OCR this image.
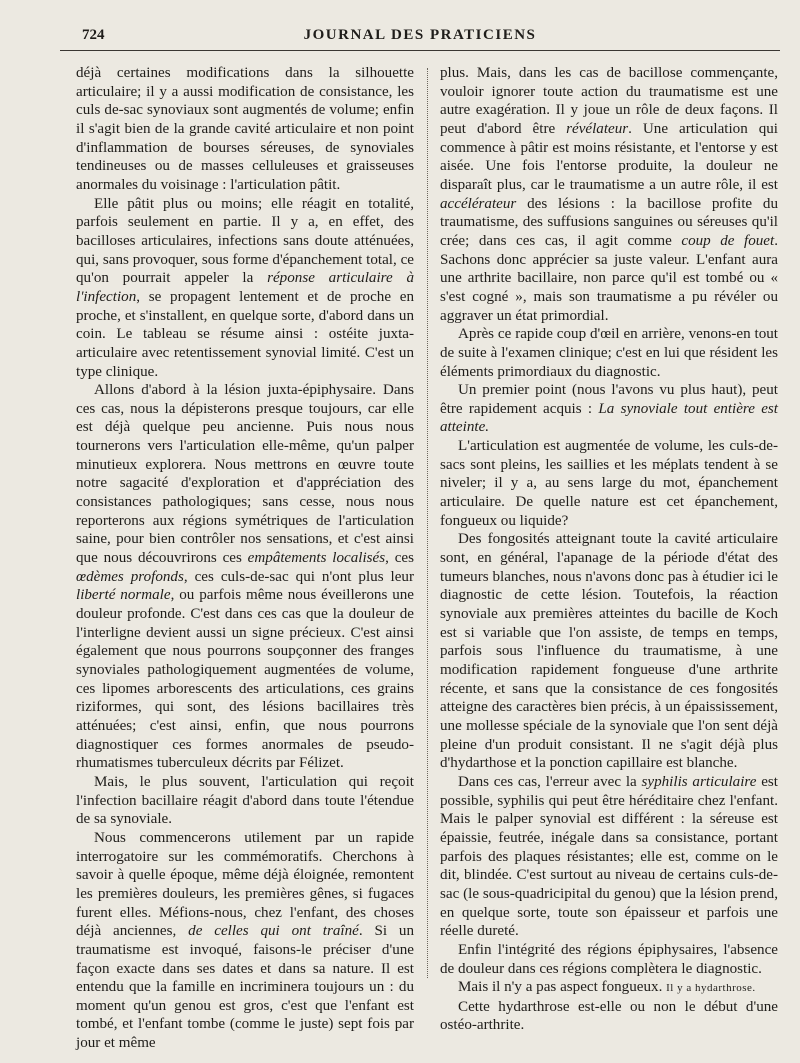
724	JOURNAL DES PRATICIENS

déjà certaines modifications dans la silhouette articulaire; il y a aussi modification de consistance, les culs de-sac synoviaux sont augmentés de volume; enfin il s'agit bien de la grande cavité articulaire et non point d'inflammation de bourses séreuses, de synoviales tendineuses ou de masses celluleuses et graisseuses anormales du voisinage : l'articulation pâtit.

Elle pâtit plus ou moins; elle réagit en totalité, parfois seulement en partie. Il y a, en effet, des bacilloses articulaires, infections sans doute atténuées, qui, sans provoquer, sous forme d'épanchement total, ce qu'on pourrait appeler la réponse articulaire à l'infection, se propagent lentement et de proche en proche, et s'installent, en quelque sorte, d'abord dans un coin. Le tableau se résume ainsi : ostéite juxta-articulaire avec retentissement synovial limité. C'est un type clinique.

Allons d'abord à la lésion juxta-épiphysaire. Dans ces cas, nous la dépisterons presque toujours, car elle est déjà quelque peu ancienne. Puis nous nous tournerons vers l'articulation elle-même, qu'un palper minutieux explorera. Nous mettrons en œuvre toute notre sagacité d'exploration et d'appréciation des consistances pathologiques; sans cesse, nous nous reporterons aux régions symétriques de l'articulation saine, pour bien contrôler nos sensations, et c'est ainsi que nous découvrirons ces empâtements localisés, ces œdèmes profonds, ces culs-de-sac qui n'ont plus leur liberté normale, ou parfois même nous éveillerons une douleur profonde. C'est dans ces cas que la douleur de l'interligne devient aussi un signe précieux. C'est ainsi également que nous pourrons soupçonner des franges synoviales pathologiquement augmentées de volume, ces lipomes arborescents des articulations, ces grains riziformes, qui sont, des lésions bacillaires très atténuées; c'est ainsi, enfin, que nous pourrons diagnostiquer ces formes anormales de pseudo-rhumatismes tuberculeux décrits par Félizet.

Mais, le plus souvent, l'articulation qui reçoit l'infection bacillaire réagit d'abord dans toute l'étendue de sa synoviale.

Nous commencerons utilement par un rapide interrogatoire sur les commémoratifs. Cherchons à savoir à quelle époque, même déjà éloignée, remontent les premières douleurs, les premières gênes, si fugaces furent elles. Méfions-nous, chez l'enfant, des choses déjà anciennes, de celles qui ont traîné. Si un traumatisme est invoqué, faisons-le préciser d'une façon exacte dans ses dates et dans sa nature. Il est entendu que la famille en incriminera toujours un : du moment qu'un genou est gros, c'est que l'enfant est tombé, et l'enfant tombe (comme le juste) sept fois par jour et même

plus. Mais, dans les cas de bacillose commençante, vouloir ignorer toute action du traumatisme est une autre exagération. Il y joue un rôle de deux façons. Il peut d'abord être révélateur. Une articulation qui commence à pâtir est moins résistante, et l'entorse y est aisée. Une fois l'entorse produite, la douleur ne disparaît plus, car le traumatisme a un autre rôle, il est accélérateur des lésions : la bacillose profite du traumatisme, des suffusions sanguines ou séreuses qu'il crée; dans ces cas, il agit comme coup de fouet. Sachons donc apprécier sa juste valeur. L'enfant aura une arthrite bacillaire, non parce qu'il est tombé ou « s'est cogné », mais son traumatisme a pu révéler ou aggraver un état primordial.

Après ce rapide coup d'œil en arrière, venons-en tout de suite à l'examen clinique; c'est en lui que résident les éléments primordiaux du diagnostic.

Un premier point (nous l'avons vu plus haut), peut être rapidement acquis : La synoviale tout entière est atteinte.

L'articulation est augmentée de volume, les culs-de-sacs sont pleins, les saillies et les méplats tendent à se niveler; il y a, au sens large du mot, épanchement articulaire. De quelle nature est cet épanchement, fongueux ou liquide?

Des fongosités atteignant toute la cavité articulaire sont, en général, l'apanage de la période d'état des tumeurs blanches, nous n'avons donc pas à étudier ici le diagnostic de cette lésion. Toutefois, la réaction synoviale aux premières atteintes du bacille de Koch est si variable que l'on assiste, de temps en temps, parfois sous l'influence du traumatisme, à une modification rapidement fongueuse d'une arthrite récente, et sans que la consistance de ces fongosités atteigne des caractères bien précis, à un épaississement, une mollesse spéciale de la synoviale que l'on sent déjà pleine d'un produit consistant. Il ne s'agit déjà plus d'hydarthose et la ponction capillaire est blanche.

Dans ces cas, l'erreur avec la syphilis articulaire est possible, syphilis qui peut être héréditaire chez l'enfant. Mais le palper synovial est différent : la séreuse est épaissie, feutrée, inégale dans sa consistance, portant parfois des plaques résistantes; elle est, comme on le dit, blindée. C'est surtout au niveau de certains culs-de-sac (le sous-quadricipital du genou) que la lésion prend, en quelque sorte, toute son épaisseur et parfois une réelle dureté.

Enfin l'intégrité des régions épiphysaires, l'absence de douleur dans ces régions complètera le diagnostic.

Mais il n'y a pas aspect fongueux. Il y a hydarthrose.

Cette hydarthrose est-elle ou non le début d'une ostéo-arthrite.
